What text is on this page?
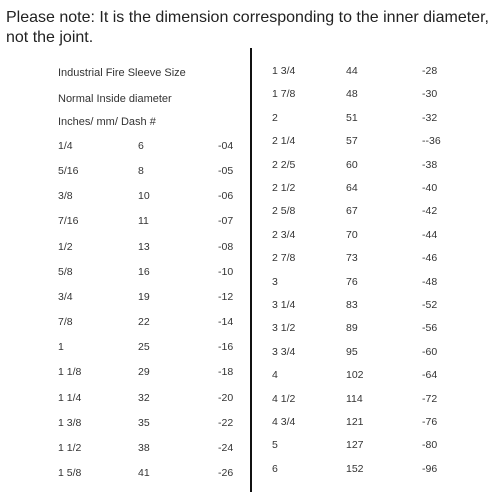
Please note: It is the dimension corresponding to the inner diameter, not the joint.
Industrial Fire Sleeve Size
Normal Inside diameter
Inches/ mm/ Dash #
1/4	6	-04
5/16	8	-05
3/8	10	-06
7/16	11	-07
1/2	13	-08
5/8	16	-10
3/4	19	-12
7/8	22	-14
1	25	-16
1 1/8	29	-18
1 1/4	32	-20
1 3/8	35	-22
1 1/2	38	-24
1 5/8	41	-26
1 3/4	44	-28
1 7/8	48	-30
2	51	-32
2 1/4	57	--36
2 2/5	60	-38
2 1/2	64	-40
2 5/8	67	-42
2 3/4	70	-44
2 7/8	73	-46
3	76	-48
3 1/4	83	-52
3 1/2	89	-56
3 3/4	95	-60
4	102	-64
4 1/2	114	-72
4 3/4	121	-76
5	127	-80
6	152	-96
